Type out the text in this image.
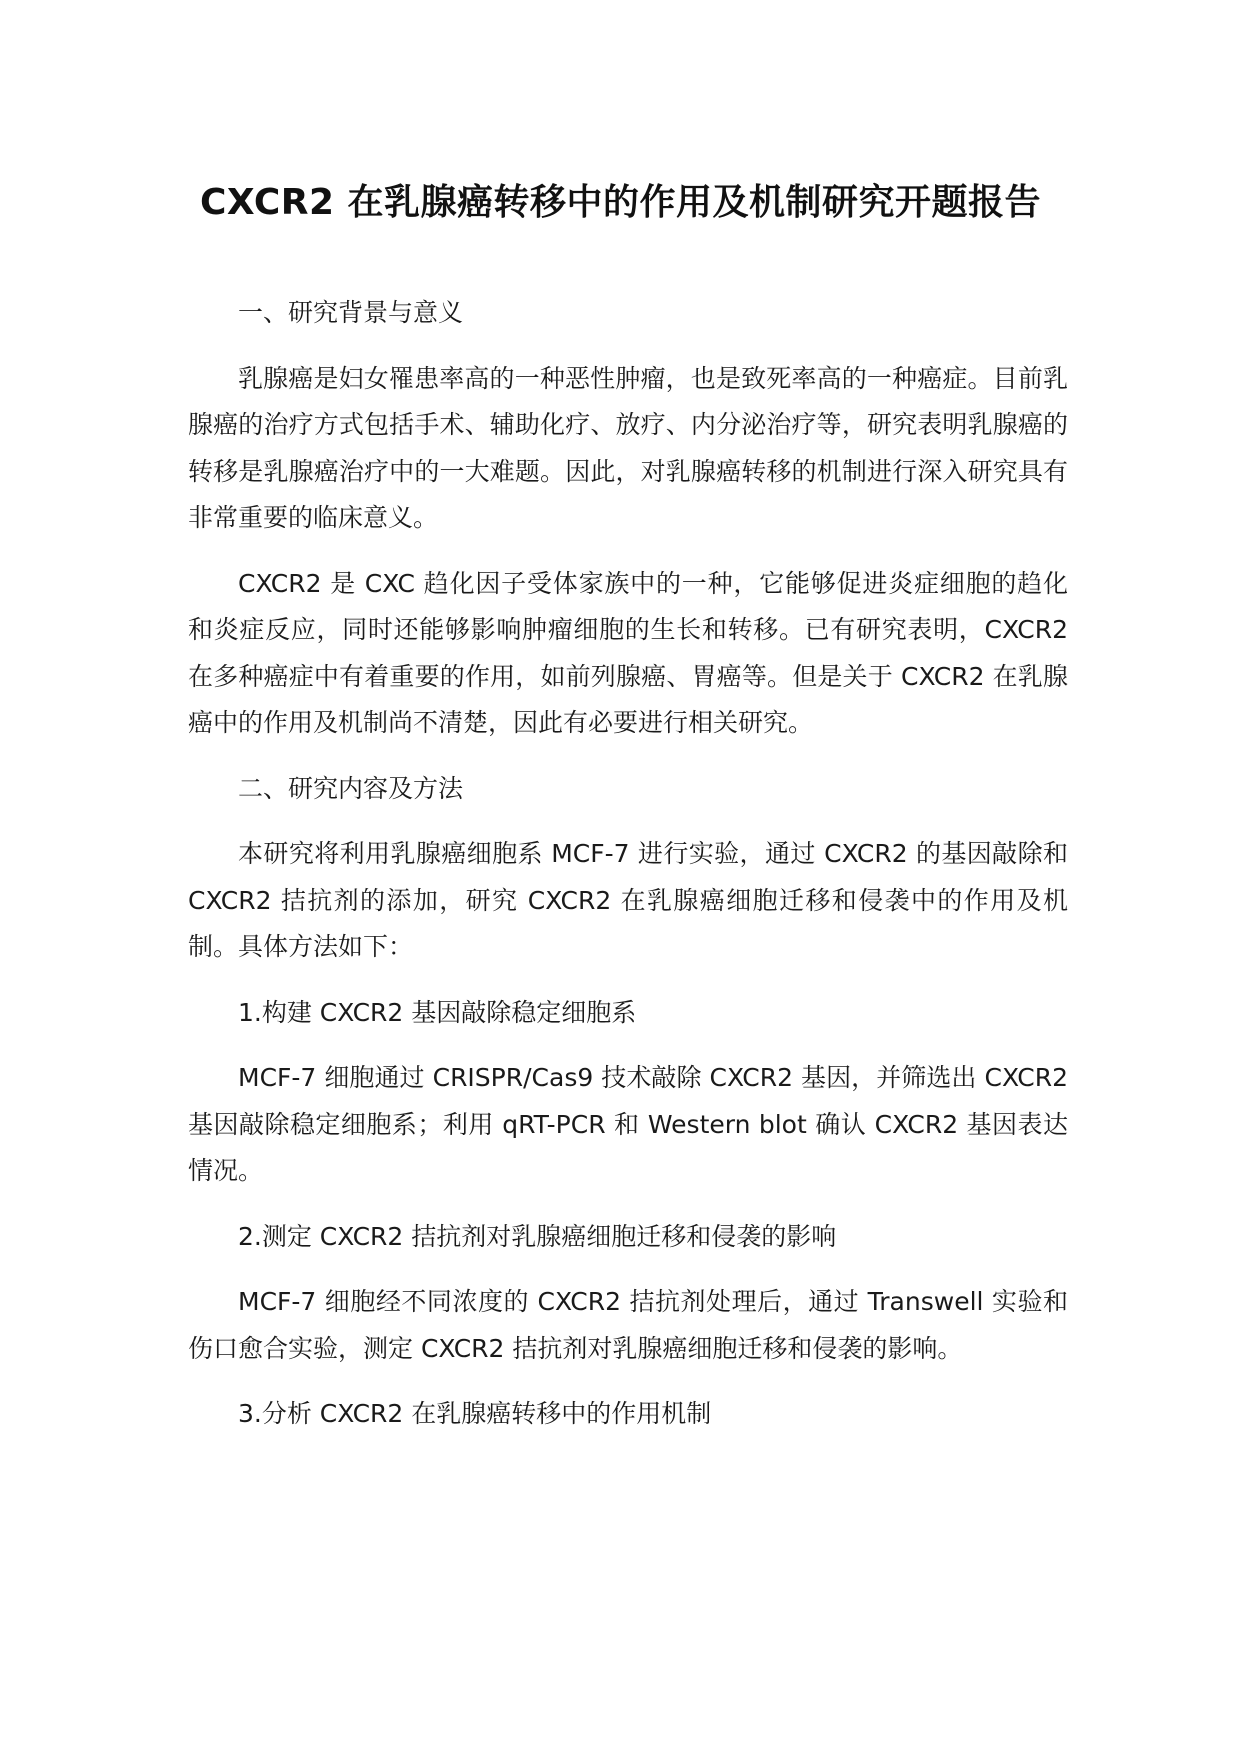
CXCR2 在乳腺癌转移中的作用及机制研究开题报告

一、研究背景与意义

乳腺癌是妇女罹患率高的一种恶性肿瘤，也是致死率高的一种癌症。目前乳腺癌的治疗方式包括手术、辅助化疗、放疗、内分泌治疗等，研究表明乳腺癌的转移是乳腺癌治疗中的一大难题。因此，对乳腺癌转移的机制进行深入研究具有非常重要的临床意义。

CXCR2 是 CXC 趋化因子受体家族中的一种，它能够促进炎症细胞的趋化和炎症反应，同时还能够影响肿瘤细胞的生长和转移。已有研究表明，CXCR2 在多种癌症中有着重要的作用，如前列腺癌、胃癌等。但是关于 CXCR2 在乳腺癌中的作用及机制尚不清楚，因此有必要进行相关研究。

二、研究内容及方法

本研究将利用乳腺癌细胞系 MCF-7 进行实验，通过 CXCR2 的基因敲除和 CXCR2 拮抗剂的添加，研究 CXCR2 在乳腺癌细胞迁移和侵袭中的作用及机制。具体方法如下：

1.构建 CXCR2 基因敲除稳定细胞系

MCF-7 细胞通过 CRISPR/Cas9 技术敲除 CXCR2 基因，并筛选出 CXCR2 基因敲除稳定细胞系；利用 qRT-PCR 和 Western blot 确认 CXCR2 基因表达情况。

2.测定 CXCR2 拮抗剂对乳腺癌细胞迁移和侵袭的影响

MCF-7 细胞经不同浓度的 CXCR2 拮抗剂处理后，通过 Transwell 实验和伤口愈合实验，测定 CXCR2 拮抗剂对乳腺癌细胞迁移和侵袭的影响。

3.分析 CXCR2 在乳腺癌转移中的作用机制
